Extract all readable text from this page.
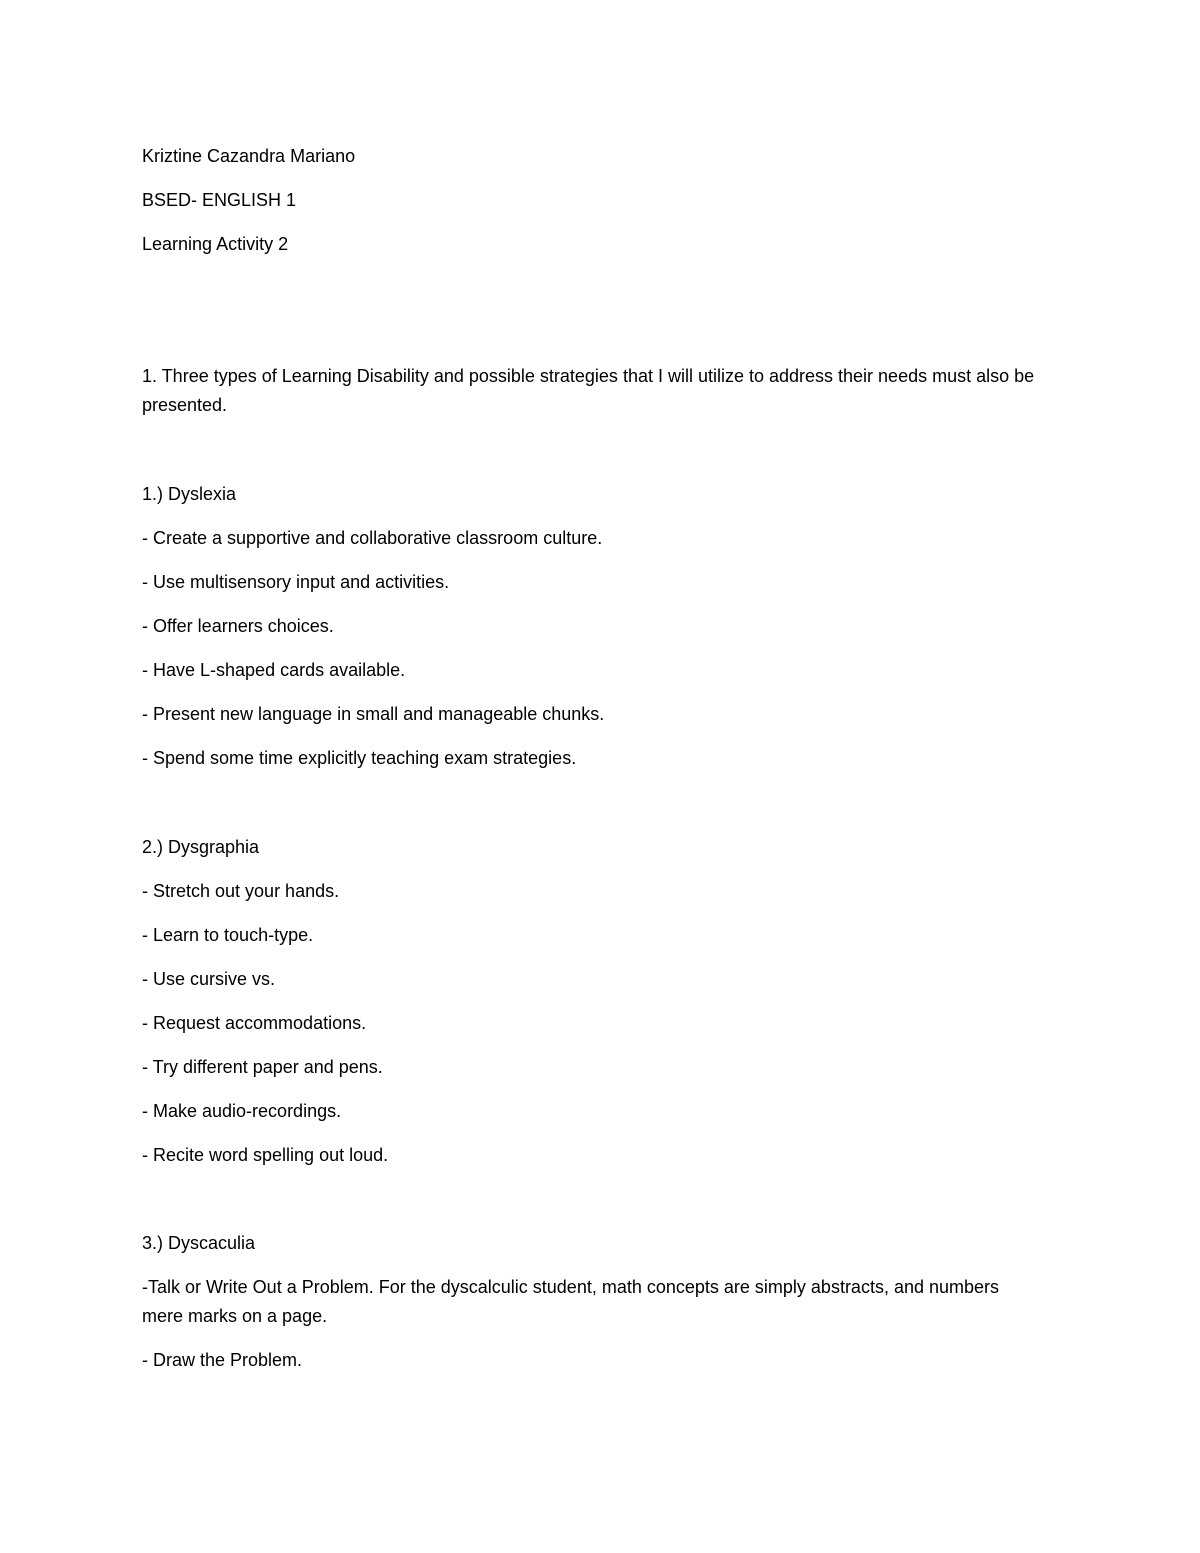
Kriztine Cazandra Mariano

BSED- ENGLISH 1

Learning Activity 2

1. Three types of Learning Disability and possible strategies that I will utilize to address their needs must also be presented.

1.) Dyslexia

- Create a supportive and collaborative classroom culture.

- Use multisensory input and activities.

- Offer learners choices.

- Have L-shaped cards available.

- Present new language in small and manageable chunks.

- Spend some time explicitly teaching exam strategies.

2.) Dysgraphia

- Stretch out your hands.

- Learn to touch-type.

- Use cursive vs.

- Request accommodations.

- Try different paper and pens.

- Make audio-recordings.

- Recite word spelling out loud.

3.) Dyscaculia

-Talk or Write Out a Problem. For the dyscalculic student, math concepts are simply abstracts, and numbers mere marks on a page.

- Draw the Problem.
